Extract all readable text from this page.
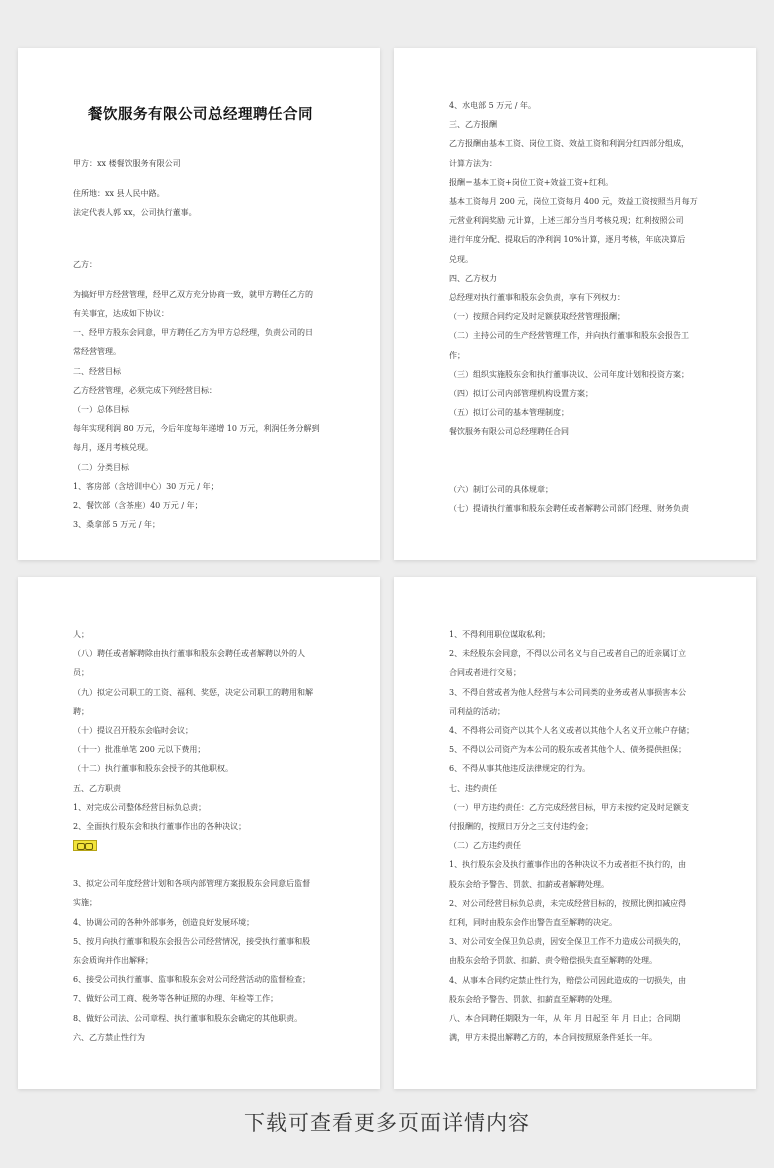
餐饮服务有限公司总经理聘任合同
甲方：xx 楼餐饮服务有限公司
住所地：xx 县人民中路。
法定代表人郭 xx，公司执行董事。
乙方：
为搞好甲方经营管理，经甲乙双方充分协商一致，就甲方聘任乙方的
有关事宜，达成如下协议：
一、经甲方股东会同意，甲方聘任乙方为甲方总经理，负责公司的日
常经营管理。
二、经营目标
乙方经营管理，必须完成下列经营目标：
（一）总体目标
每年实现利润 80 万元，今后年度每年递增 10 万元，利润任务分解到
每月，逐月考核兑现。
（二）分类目标
1、客房部（含培训中心）30 万元 / 年；
2、餐饮部（含茶座）40 万元 / 年；
3、桑拿部 5 万元 / 年；
4、水电部 5 万元 / 年。
三、乙方报酬
乙方报酬由基本工资、岗位工资、效益工资和利润分红四部分组成，
计算方法为：
报酬＝基本工资+岗位工资+效益工资+红利。
基本工资每月 200 元，岗位工资每月 400 元，效益工资按照当月每万
元营业利润奖励 元计算，上述三部分当月考核兑现；红利按照公司
进行年度分配、提取后的净利润 10%计算，逐月考核，年底决算后
兑现。
四、乙方权力
总经理对执行董事和股东会负责，享有下列权力：
（一）按照合同约定及时足额获取经营管理报酬；
（二）主持公司的生产经营管理工作，并向执行董事和股东会报告工
作；
（三）组织实施股东会和执行董事决议、公司年度计划和投资方案；
（四）拟订公司内部管理机构设置方案；
（五）拟订公司的基本管理制度；
餐饮服务有限公司总经理聘任合同
（六）制订公司的具体规章；
（七）提请执行董事和股东会聘任或者解聘公司部门经理、财务负责
人；
（八）聘任或者解聘除由执行董事和股东会聘任或者解聘以外的人
员；
（九）拟定公司职工的工资、福利、奖惩，决定公司职工的聘用和解
聘；
（十）提议召开股东会临时会议；
（十一）批准单笔 200 元以下费用；
（十二）执行董事和股东会授予的其他职权。
五、乙方职责
1、对完成公司整体经营目标负总责；
2、全面执行股东会和执行董事作出的各种决议；
3、拟定公司年度经营计划和各项内部管理方案报股东会同意后监督
实施；
4、协调公司的各种外部事务，创造良好发展环境；
5、按月向执行董事和股东会报告公司经营情况，接受执行董事和股
东会质询并作出解释；
6、接受公司执行董事、监事和股东会对公司经营活动的监督检查；
7、做好公司工商、税务等各种证照的办理、年检等工作；
8、做好公司法、公司章程、执行董事和股东会确定的其他职责。
六、乙方禁止性行为
1、不得利用职位谋取私利；
2、未经股东会同意，不得以公司名义与自己或者自己的近亲属订立
合同或者进行交易；
3、不得自营或者为他人经营与本公司同类的业务或者从事损害本公
司利益的活动；
4、不得将公司资产以其个人名义或者以其他个人名义开立帐户存储；
5、不得以公司资产为本公司的股东或者其他个人、债务提供担保；
6、不得从事其他违反法律规定的行为。
七、违约责任
（一）甲方违约责任：乙方完成经营目标，甲方未按约定及时足额支
付报酬的，按照日万分之三支付违约金；
（二）乙方违约责任
1、执行股东会及执行董事作出的各种决议不力或者拒不执行的，由
股东会给予警告、罚款、扣薪或者解聘处理。
2、对公司经营目标负总责，未完成经营目标的，按照比例扣减应得
红利，同时由股东会作出警告直至解聘的决定。
3、对公司安全保卫负总责，因安全保卫工作不力造成公司损失的，
由股东会给予罚款、扣薪、责令赔偿损失直至解聘的处理。
4、从事本合同约定禁止性行为，赔偿公司因此造成的一切损失，由
股东会给予警告、罚款、扣薪直至解聘的处理。
八、本合同聘任期限为一年，从 年 月 日起至 年 月 日止；合同期
满，甲方未提出解聘乙方的，本合同按照原条件延长一年。
下载可查看更多页面详情内容
